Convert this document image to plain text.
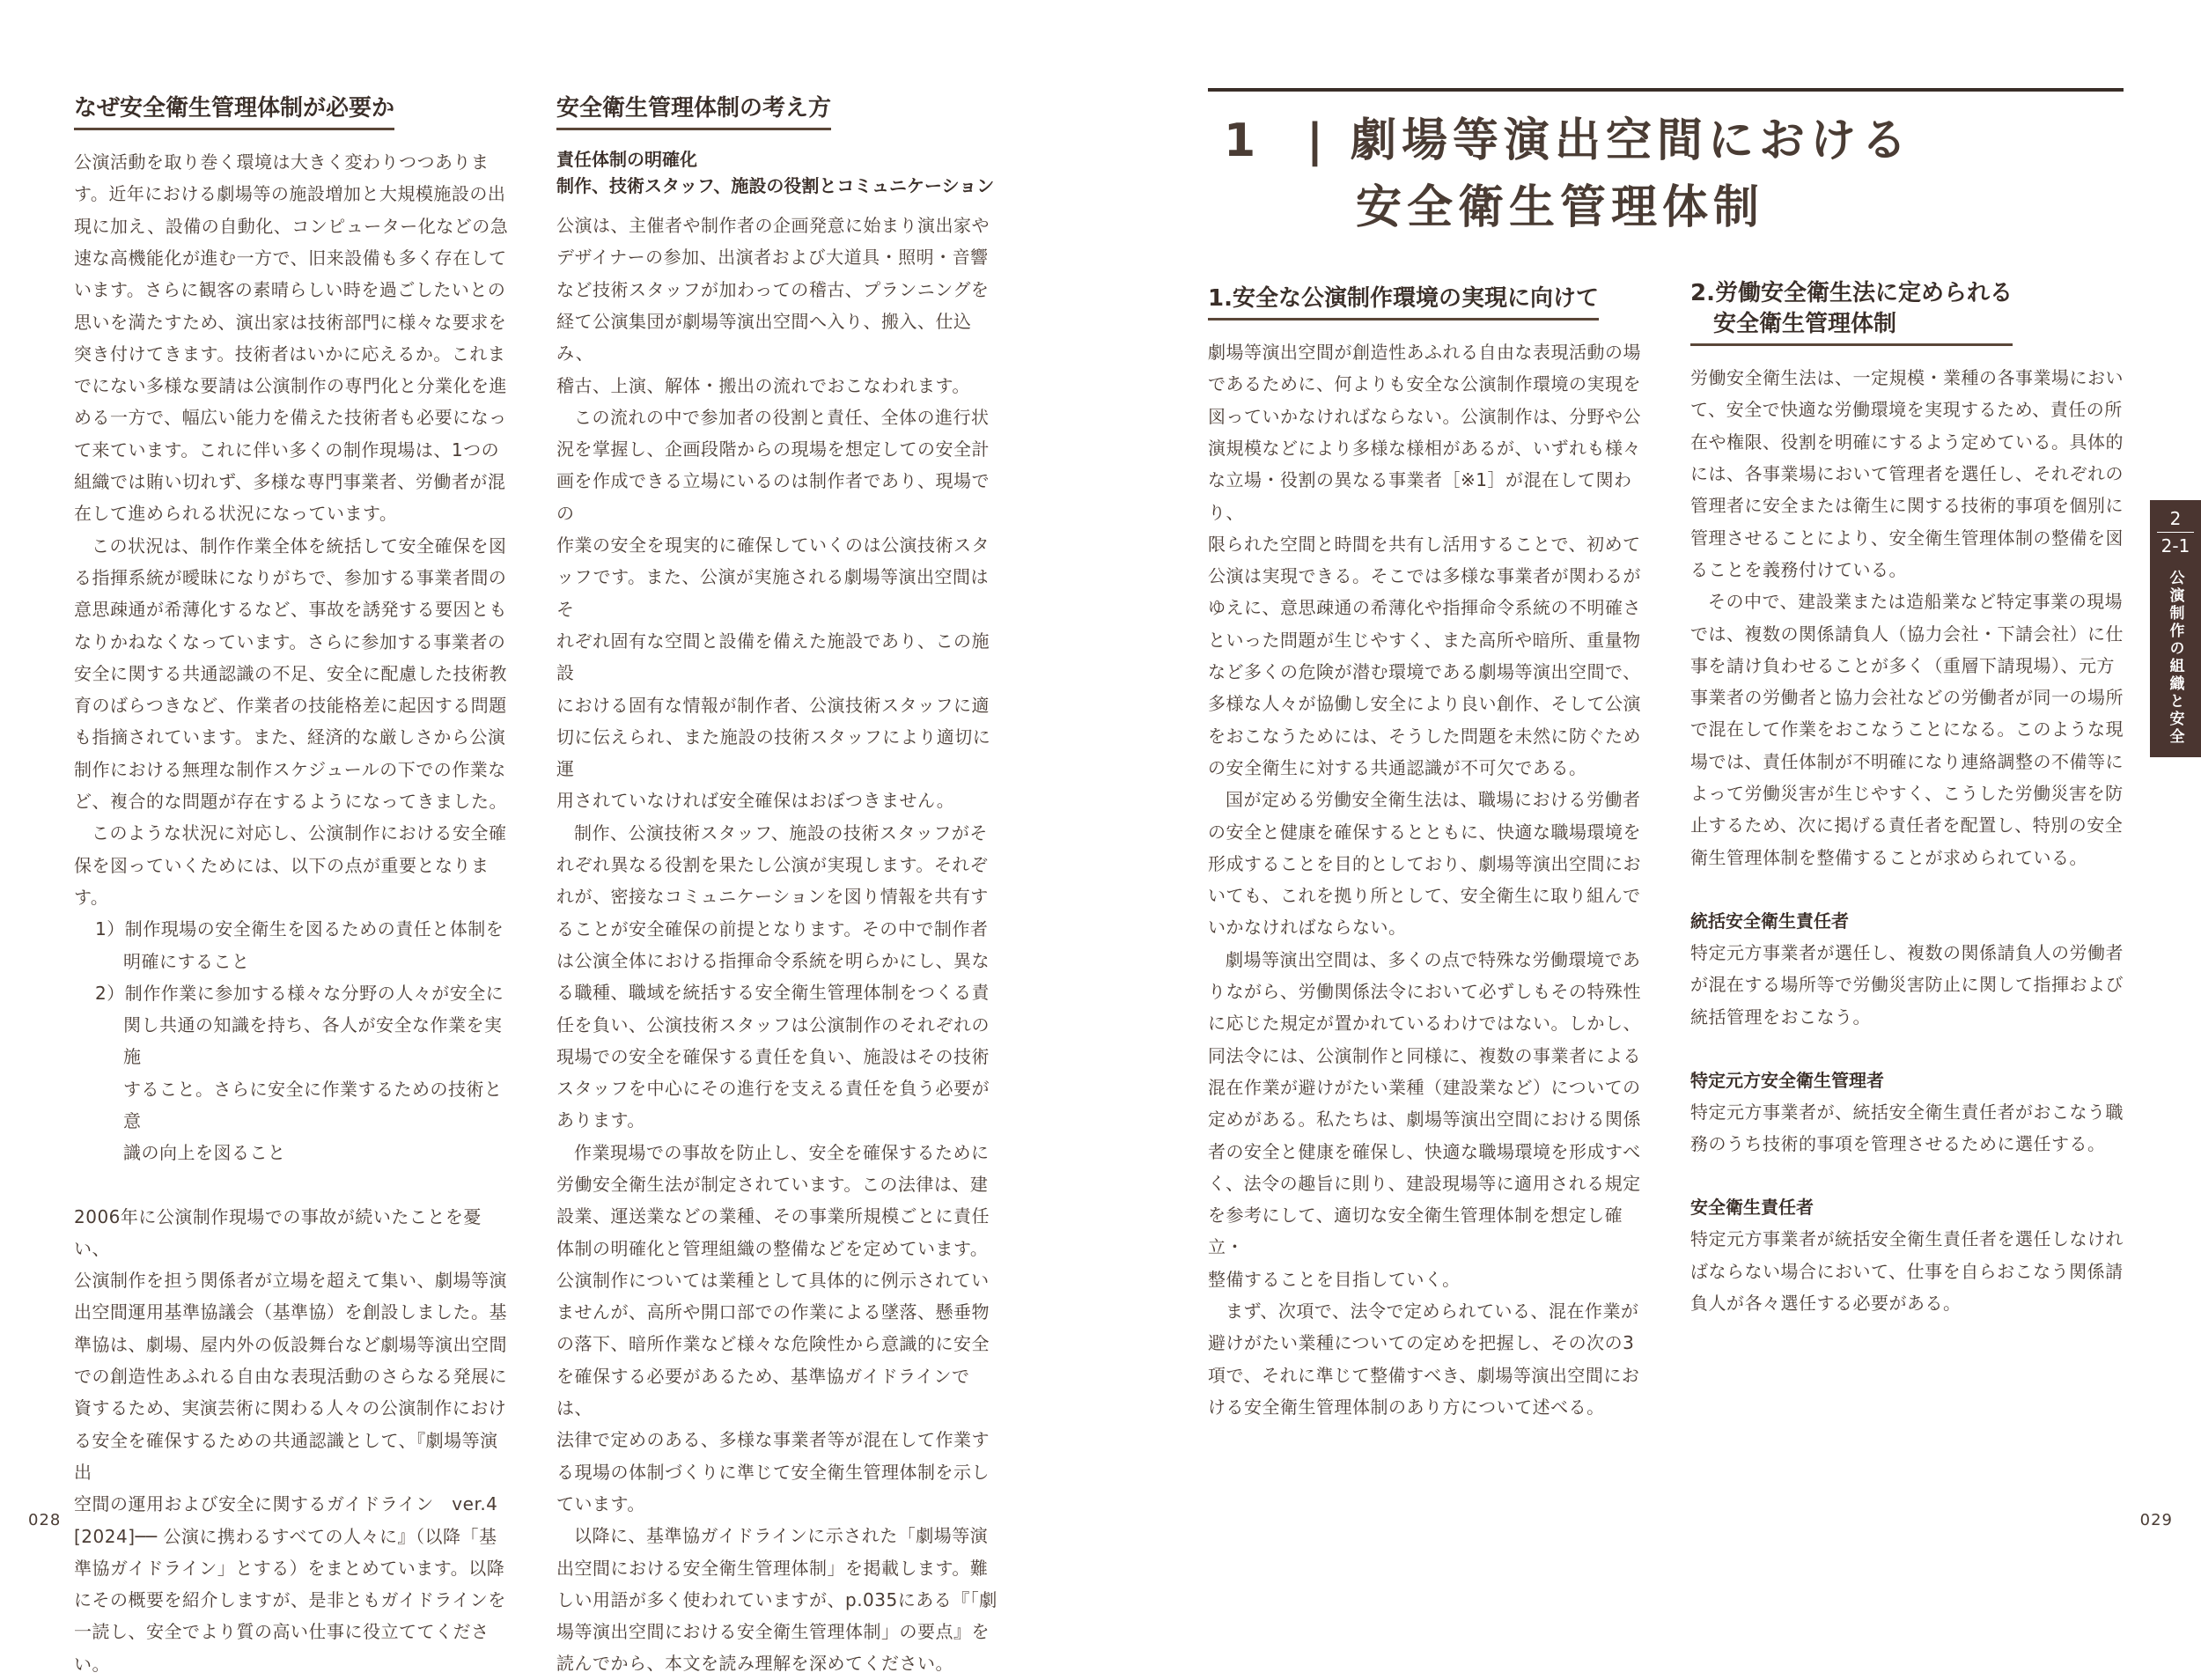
なぜ安全衛生管理体制が必要か

公演活動を取り巻く環境は大きく変わりつつありま
す。近年における劇場等の施設増加と大規模施設の出
現に加え、設備の自動化、コンピューター化などの急
速な高機能化が進む一方で、旧来設備も多く存在して
います。さらに観客の素晴らしい時を過ごしたいとの
思いを満たすため、演出家は技術部門に様々な要求を
突き付けてきます。技術者はいかに応えるか。これま
でにない多様な要請は公演制作の専門化と分業化を進
める一方で、幅広い能力を備えた技術者も必要になっ
て来ています。これに伴い多くの制作現場は、1つの
組織では賄い切れず、多様な専門事業者、労働者が混
在して進められる状況になっています。

この状況は、制作作業全体を統括して安全確保を図
る指揮系統が曖昧になりがちで、参加する事業者間の
意思疎通が希薄化するなど、事故を誘発する要因とも
なりかねなくなっています。さらに参加する事業者の
安全に関する共通認識の不足、安全に配慮した技術教
育のばらつきなど、作業者の技能格差に起因する問題
も指摘されています。また、経済的な厳しさから公演
制作における無理な制作スケジュールの下での作業な
ど、複合的な問題が存在するようになってきました。

このような状況に対応し、公演制作における安全確
保を図っていくためには、以下の点が重要となります。

1）制作現場の安全衛生を図るための責任と体制を
明確にすること
2）制作作業に参加する様々な分野の人々が安全に
関し共通の知識を持ち、各人が安全な作業を実施
すること。さらに安全に作業するための技術と意
識の向上を図ること

2006年に公演制作現場での事故が続いたことを憂い、
公演制作を担う関係者が立場を超えて集い、劇場等演
出空間運用基準協議会（基準協）を創設しました。基
準協は、劇場、屋内外の仮設舞台など劇場等演出空間
での創造性あふれる自由な表現活動のさらなる発展に
資するため、実演芸術に関わる人々の公演制作におけ
る安全を確保するための共通認識として、『劇場等演出
空間の運用および安全に関するガイドライン　ver.4
[2024]── 公演に携わるすべての人々に』（以降「基
準協ガイドライン」とする）をまとめています。以降
にその概要を紹介しますが、是非ともガイドラインを
一読し、安全でより質の高い仕事に役立ててください。

安全衛生管理体制の考え方

責任体制の明確化

制作、技術スタッフ、施設の役割とコミュニケーション

公演は、主催者や制作者の企画発意に始まり演出家や
デザイナーの参加、出演者および大道具・照明・音響
など技術スタッフが加わっての稽古、プランニングを
経て公演集団が劇場等演出空間へ入り、搬入、仕込み、
稽古、上演、解体・搬出の流れでおこなわれます。

この流れの中で参加者の役割と責任、全体の進行状
況を掌握し、企画段階からの現場を想定しての安全計
画を作成できる立場にいるのは制作者であり、現場での
作業の安全を現実的に確保していくのは公演技術スタ
ッフです。また、公演が実施される劇場等演出空間はそ
れぞれ固有な空間と設備を備えた施設であり、この施設
における固有な情報が制作者、公演技術スタッフに適
切に伝えられ、また施設の技術スタッフにより適切に運
用されていなければ安全確保はおぼつきません。

制作、公演技術スタッフ、施設の技術スタッフがそ
れぞれ異なる役割を果たし公演が実現します。それぞ
れが、密接なコミュニケーションを図り情報を共有す
ることが安全確保の前提となります。その中で制作者
は公演全体における指揮命令系統を明らかにし、異な
る職種、職域を統括する安全衛生管理体制をつくる責
任を負い、公演技術スタッフは公演制作のそれぞれの
現場での安全を確保する責任を負い、施設はその技術
スタッフを中心にその進行を支える責任を負う必要が
あります。

作業現場での事故を防止し、安全を確保するために
労働安全衛生法が制定されています。この法律は、建
設業、運送業などの業種、その事業所規模ごとに責任
体制の明確化と管理組織の整備などを定めています。
公演制作については業種として具体的に例示されてい
ませんが、高所や開口部での作業による墜落、懸垂物
の落下、暗所作業など様々な危険性から意識的に安全
を確保する必要があるため、基準協ガイドラインでは、
法律で定めのある、多様な事業者等が混在して作業す
る現場の体制づくりに準じて安全衛生管理体制を示し
ています。

以降に、基準協ガイドラインに示された「劇場等演
出空間における安全衛生管理体制」を掲載します。難
しい用語が多く使われていますが、p.035にある『「劇
場等演出空間における安全衛生管理体制」の要点』を
読んでから、本文を読み理解を深めてください。

028
1 | 劇場等演出空間における
安全衛生管理体制
1.安全な公演制作環境の実現に向けて

劇場等演出空間が創造性あふれる自由な表現活動の場
であるために、何よりも安全な公演制作環境の実現を
図っていかなければならない。公演制作は、分野や公
演規模などにより多様な様相があるが、いずれも様々
な立場・役割の異なる事業者［※1］が混在して関わり、
限られた空間と時間を共有し活用することで、初めて
公演は実現できる。そこでは多様な事業者が関わるが
ゆえに、意思疎通の希薄化や指揮命令系統の不明確さ
といった問題が生じやすく、また高所や暗所、重量物
など多くの危険が潜む環境である劇場等演出空間で、
多様な人々が協働し安全により良い創作、そして公演
をおこなうためには、そうした問題を未然に防ぐため
の安全衛生に対する共通認識が不可欠である。

国が定める労働安全衛生法は、職場における労働者
の安全と健康を確保するとともに、快適な職場環境を
形成することを目的としており、劇場等演出空間にお
いても、これを拠り所として、安全衛生に取り組んで
いかなければならない。

劇場等演出空間は、多くの点で特殊な労働環境であ
りながら、労働関係法令において必ずしもその特殊性
に応じた規定が置かれているわけではない。しかし、
同法令には、公演制作と同様に、複数の事業者による
混在作業が避けがたい業種（建設業など）についての
定めがある。私たちは、劇場等演出空間における関係
者の安全と健康を確保し、快適な職場環境を形成すべ
く、法令の趣旨に則り、建設現場等に適用される規定
を参考にして、適切な安全衛生管理体制を想定し確立・
整備することを目指していく。

まず、次項で、法令で定められている、混在作業が
避けがたい業種についての定めを把握し、その次の3
項で、それに準じて整備すべき、劇場等演出空間にお
ける安全衛生管理体制のあり方について述べる。

2.労働安全衛生法に定められる
安全衛生管理体制

労働安全衛生法は、一定規模・業種の各事業場におい
て、安全で快適な労働環境を実現するため、責任の所
在や権限、役割を明確にするよう定めている。具体的
には、各事業場において管理者を選任し、それぞれの
管理者に安全または衛生に関する技術的事項を個別に
管理させることにより、安全衛生管理体制の整備を図
ることを義務付けている。

その中で、建設業または造船業など特定事業の現場
では、複数の関係請負人（協力会社・下請会社）に仕
事を請け負わせることが多く（重層下請現場）、元方
事業者の労働者と協力会社などの労働者が同一の場所
で混在して作業をおこなうことになる。このような現
場では、責任体制が不明確になり連絡調整の不備等に
よって労働災害が生じやすく、こうした労働災害を防
止するため、次に掲げる責任者を配置し、特別の安全
衛生管理体制を整備することが求められている。

統括安全衛生責任者

特定元方事業者が選任し、複数の関係請負人の労働者
が混在する場所等で労働災害防止に関して指揮および
統括管理をおこなう。

特定元方安全衛生管理者

特定元方事業者が、統括安全衛生責任者がおこなう職
務のうち技術的事項を管理させるために選任する。

安全衛生責任者

特定元方事業者が統括安全衛生責任者を選任しなけれ
ばならない場合において、仕事を自らおこなう関係請
負人が各々選任する必要がある。

2
2-1
公演制作の組織と安全
029
